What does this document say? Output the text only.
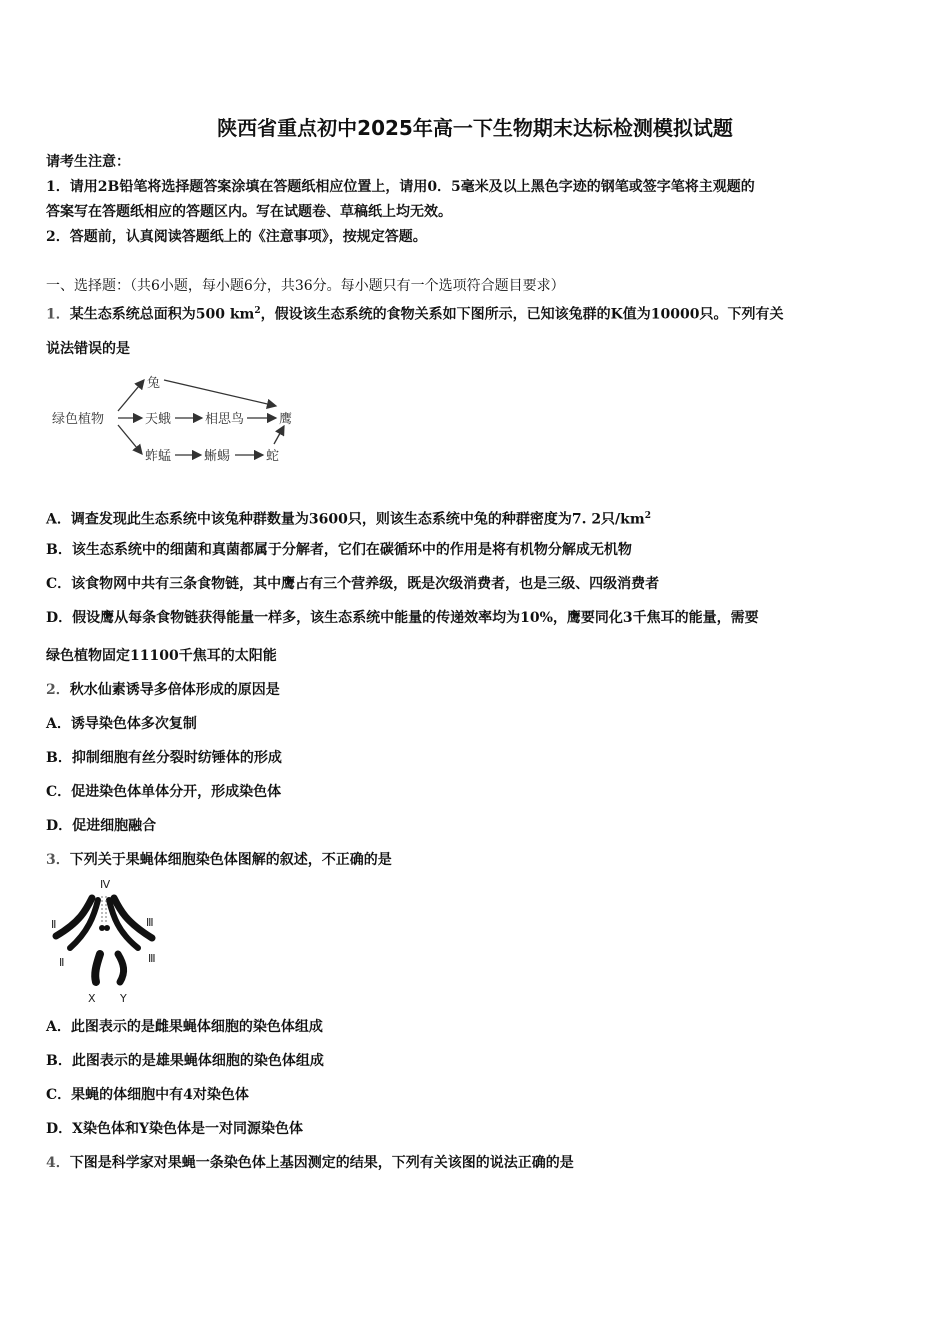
陕西省重点初中2025年高一下生物期末达标检测模拟试题
请考生注意：
1．请用2B铅笔将选择题答案涂填在答题纸相应位置上，请用0．5毫米及以上黑色字迹的钢笔或签字笔将主观题的
答案写在答题纸相应的答题区内。写在试题卷、草稿纸上均无效。
2．答题前，认真阅读答题纸上的《注意事项》，按规定答题。
一、选择题：（共6小题，每小题6分，共36分。每小题只有一个选项符合题目要求）
1．某生态系统总面积为500 $km^2$，假设该生态系统的食物关系如下图所示，已知该兔群的K值为10000只。下列有关
说法错误的是
绿色植物
兔
天蛾	相思鸟	鹰
蚱蜢	蜥蜴	蛇
A．调查发现此生态系统中该兔种群数量为3600只，则该生态系统中兔的种群密度为7. 2只$/km^2$
B．该生态系统中的细菌和真菌都属于分解者，它们在碳循环中的作用是将有机物分解成无机物
C．该食物网中共有三条食物链，其中鹰占有三个营养级，既是次级消费者，也是三级、四级消费者
D．假设鹰从每条食物链获得能量一样多，该生态系统中能量的传递效率均为10%，鹰要同化3千焦耳的能量，需要
绿色植物固定11100千焦耳的太阳能
2．秋水仙素诱导多倍体形成的原因是
A．诱导染色体多次复制
B．抑制细胞有丝分裂时纺锤体的形成
C．促进染色体单体分开，形成染色体
D．促进细胞融合
3．下列关于果蝇体细胞染色体图解的叙述，不正确的是
Ⅳ
Ⅱ	Ⅲ
Ⅱ	Ⅲ
X Y
A．此图表示的是雌果蝇体细胞的染色体组成
B．此图表示的是雄果蝇体细胞的染色体组成
C．果蝇的体细胞中有4对染色体
D．X染色体和Y染色体是一对同源染色体
4．下图是科学家对果蝇一条染色体上基因测定的结果，下列有关该图的说法正确的是
